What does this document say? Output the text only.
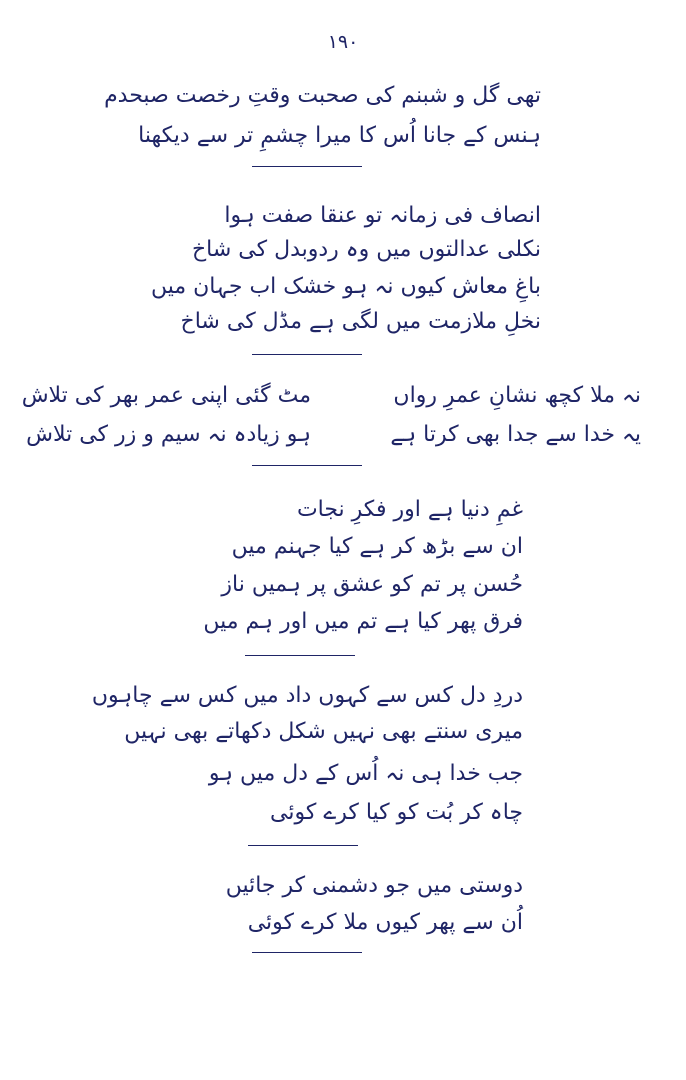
۱۹۰
تھی گل و شبنم کی صحبت وقتِ رخصت صبحدم
ہنس کے جانا اُس کا میرا چشمِ تر سے دیکھنا
انصاف فی زمانہ تو عنقا صفت ہوا
نکلی عدالتوں میں وہ ردوبدل کی شاخ
باغِ معاش کیوں نہ ہو خشک اب جہان میں
نخلِ ملازمت میں لگی ہے مڈل کی شاخ
نہ ملا کچھ نشانِ عمرِ رواں
مٹ گئی اپنی عمر بھر کی تلاش
یہ خدا سے جدا بھی کرتا ہے
ہو زیادہ نہ سیم و زر کی تلاش
غمِ دنیا ہے اور فکرِ نجات
ان سے بڑھ کر ہے کیا جہنم میں
حُسن پر تم کو عشق پر ہمیں ناز
فرق پھر کیا ہے تم میں اور ہم میں
دردِ دل کس سے کہوں داد میں کس سے چاہوں
میری سنتے بھی نہیں شکل دکھاتے بھی نہیں
جب خدا ہی نہ اُس کے دل میں ہو
چاہ کر بُت کو کیا کرے کوئی
دوستی میں جو دشمنی کر جائیں
اُن سے پھر کیوں ملا کرے کوئی
